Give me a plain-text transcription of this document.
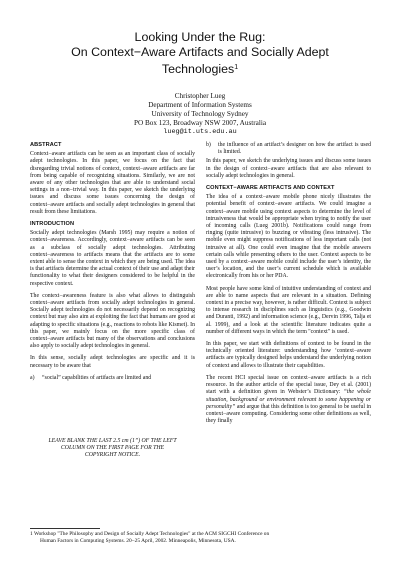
Looking Under the Rug:
On Context−Aware Artifacts and Socially Adept
Technologies$^1$
Christopher Lueg
Department of Information Systems
University of Technology Sydney
PO Box 123, Broadway NSW 2007, Australia
lueg@it.uts.edu.au
ABSTRACT

Context−aware artifacts can be seen as an important class of socially adept technologies. In this paper, we focus on the fact that disregarding trivial notions of context, context−aware artifacts are far from being capable of recognizing situations. Similarly, we are not aware of any other technologies that are able to understand social settings in a non−trivial way. In this paper, we sketch the underlying issues and discuss some issues concerning the design of context−aware artifacts and socially adept technologies in general that result from these limitations.

INTRODUCTION

Socially adept technologies (Marsh 1995) may require a notion of context−awareness. Accordingly, context−aware artifacts can be seen as a subclass of socially adept technologies. Attributing context−awareness to artifacts means that the artifacts are to some extent able to sense the context in which they are being used. The idea is that artifacts determine the actual context of their use and adapt their functionality to what their designers considered to be helpful in the respective context.

The context−awareness feature is also what allows to distinguish context−aware artifacts from socially adept technologies in general. Socially adept technologies do not necessarily depend on recognizing context but may also aim at exploiting the fact that humans are good at adapting to specific situations (e.g., reactions to robots like Kismet). In this paper, we mainly focus on the more specific class of context−aware artifacts but many of the observations and conclusions also apply to socially adept technologies in general.

In this sense, socially adept technologies are specific and it is necessary to be aware that

a)	“social” capabilities of artifacts are limited and
LEAVE BLANK THE LAST 2.5 cm (1”) OF THE LEFT
COLUMN ON THE FIRST PAGE FOR THE
COPYRIGHT NOTICE.
b)	the influence of an artifact’s designer on how the artifact is used is limited.

In this paper, we sketch the underlying issues and discuss some issues in the design of context−aware artifacts that are also relevant to socially adept technologies in general.

CONTEXT−AWARE ARTIFACTS AND CONTEXT

The idea of a context−aware mobile phone nicely illustrates the potential benefit of context−aware artifacts. We could imagine a context−aware mobile using context aspects to determine the level of intrusiveness that would be appropriate when trying to notify the user of incoming calls (Lueg 2001b). Notifications could range from ringing (quite intrusive) to buzzing or vibrating (less intrusive). The mobile even might suppress notifications of less important calls (not intrusive at all). One could even imagine that the mobile answers certain calls while presenting others to the user. Context aspects to be used by a context−aware mobile could include the user’s identity, the user’s location, and the user’s current schedule which is available electronically from his or her PDA.

Most people have some kind of intuitive understanding of context and are able to name aspects that are relevant in a situation. Defining context in a precise way, however, is rather difficult. Context is subject to intense research in disciplines such as linguistics (e.g., Goodwin and Duranti, 1992) and information science (e.g., Dervin 1996, Talja et al. 1999), and a look at the scientific literature indicates quite a number of different ways in which the term "context" is used.

In this paper, we start with definitions of context to be found in the technically oriented literature: understanding how ‘context−aware artifacts are typically designed helps understand the underlying notion of context and allows to illustrate their capabilities.

The recent HCI special issue on context−aware artifacts is a rich resource. In the author article of the special issue, Dey et al. (2001) start with a definition given in Webster’s Dictionary: “the whole situation, background or environment relevant to some happening or personality” and argue that this definition is too general to be useful in context−aware computing. Considering some other definitions as well, they finally

1 Workshop "The Philosophy and Design of Socially Adept Technologies" at the ACM SIGCHI Conference on
Human Factors in Computing Systems. 20−25 April, 2002. Minneapolis, Minnesota, USA.
